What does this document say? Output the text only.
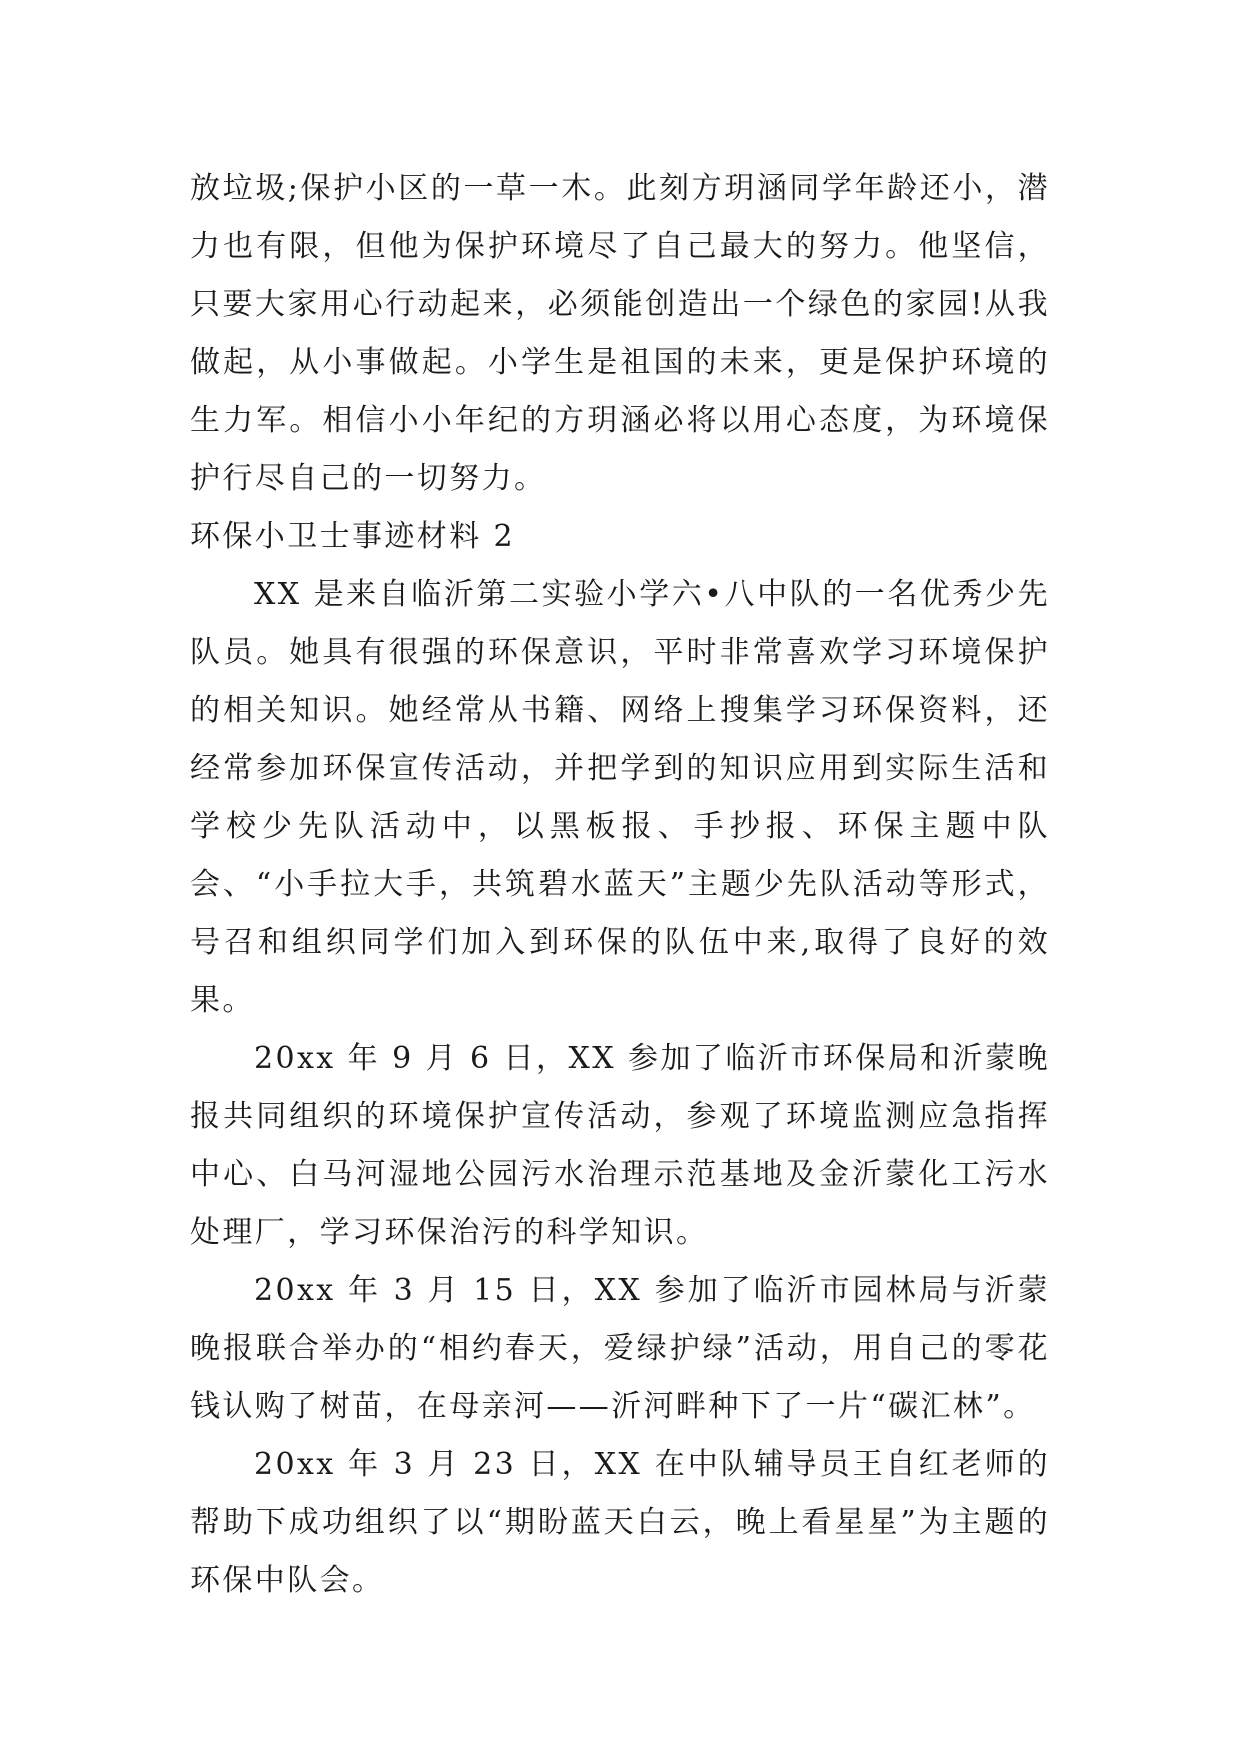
放垃圾;保护小区的一草一木。此刻方玥涵同学年龄还小，潜力也有限，但他为保护环境尽了自己最大的努力。他坚信，只要大家用心行动起来，必须能创造出一个绿色的家园!从我做起，从小事做起。小学生是祖国的未来，更是保护环境的生力军。相信小小年纪的方玥涵必将以用心态度，为环境保护行尽自己的一切努力。

环保小卫士事迹材料 2

XX 是来自临沂第二实验小学六•八中队的一名优秀少先队员。她具有很强的环保意识，平时非常喜欢学习环境保护的相关知识。她经常从书籍、网络上搜集学习环保资料，还经常参加环保宣传活动，并把学到的知识应用到实际生活和学校少先队活动中，以黑板报、手抄报、环保主题中队会、“小手拉大手，共筑碧水蓝天”主题少先队活动等形式，号召和组织同学们加入到环保的队伍中来,取得了良好的效果。

20xx 年 9 月 6 日，XX 参加了临沂市环保局和沂蒙晚报共同组织的环境保护宣传活动，参观了环境监测应急指挥中心、白马河湿地公园污水治理示范基地及金沂蒙化工污水处理厂，学习环保治污的科学知识。

20xx 年 3 月 15 日，XX 参加了临沂市园林局与沂蒙晚报联合举办的“相约春天，爱绿护绿”活动，用自己的零花钱认购了树苗，在母亲河——沂河畔种下了一片“碳汇林”。

20xx 年 3 月 23 日，XX 在中队辅导员王自红老师的帮助下成功组织了以“期盼蓝天白云，晚上看星星”为主题的环保中队会。
